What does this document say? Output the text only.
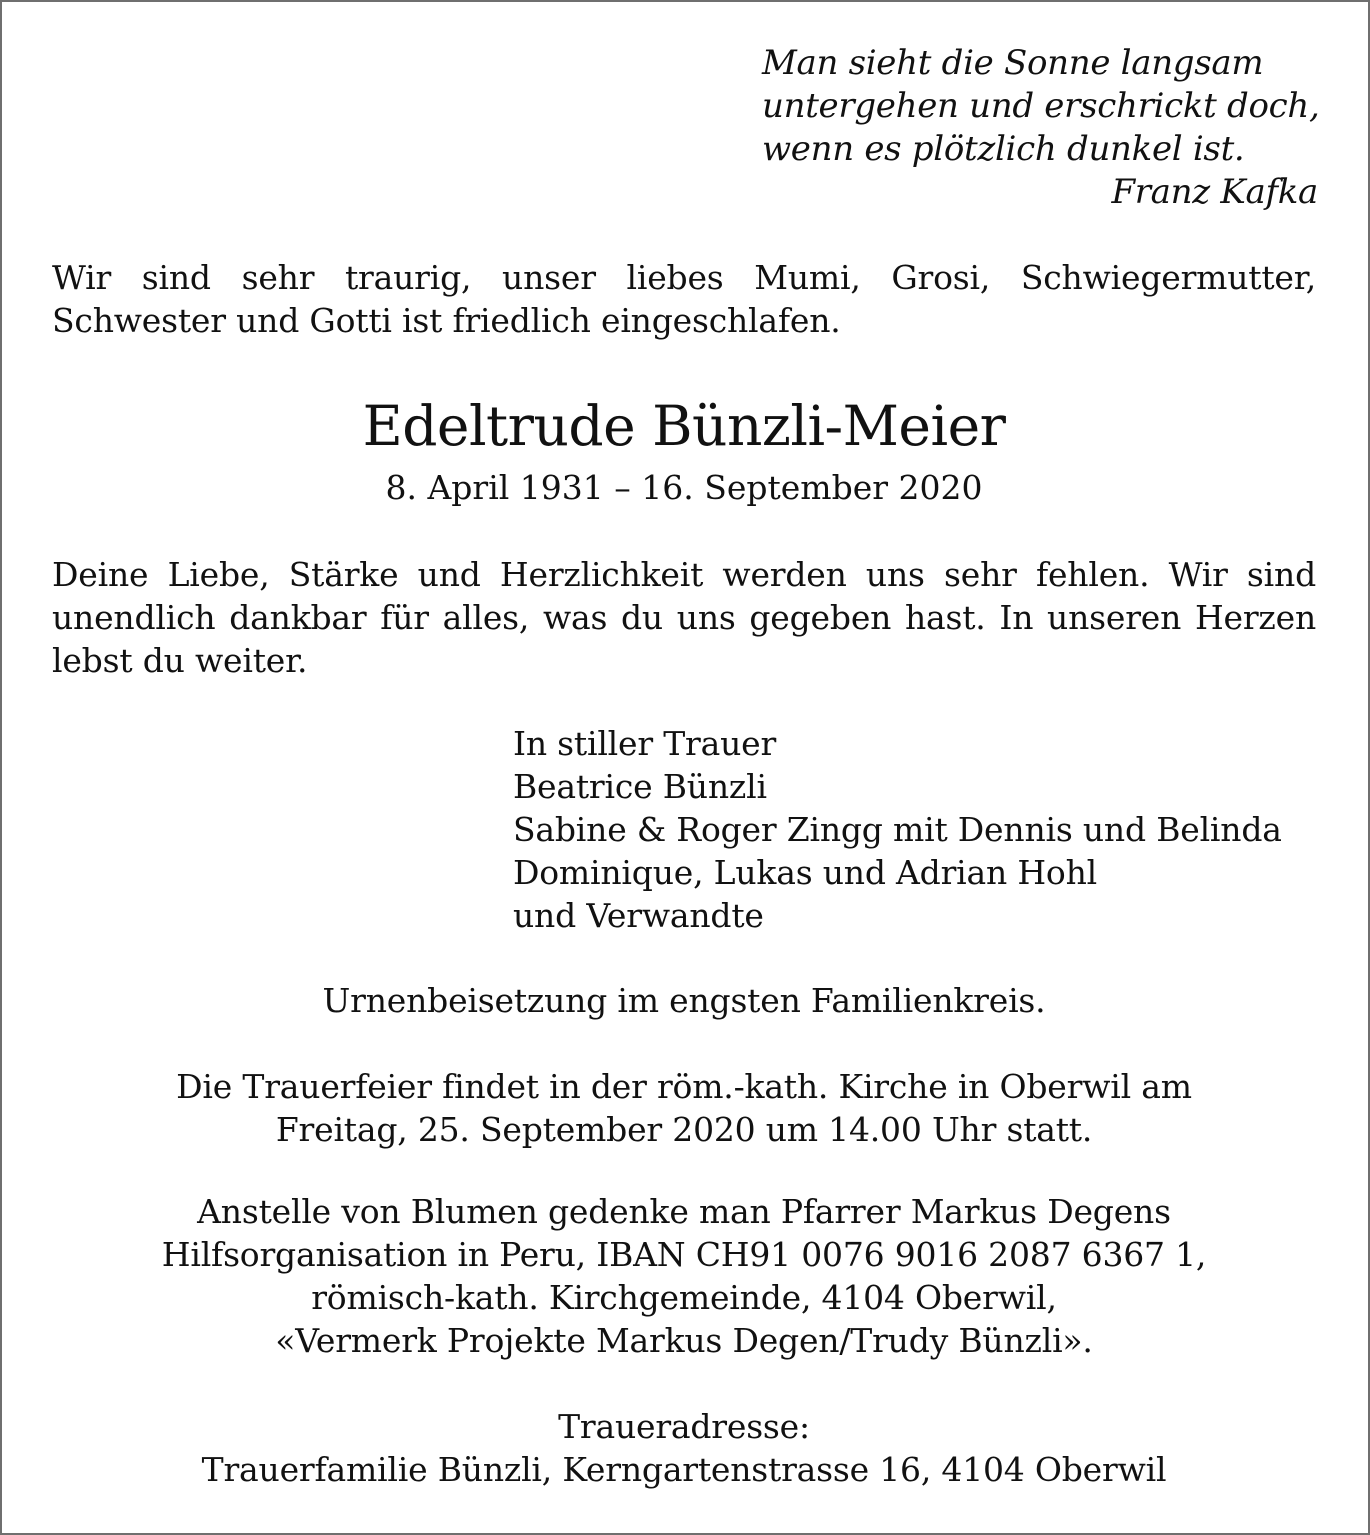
Man sieht die Sonne langsam
untergehen und erschrickt doch,
wenn es plötzlich dunkel ist.
Franz Kafka
Wir sind sehr traurig, unser liebes Mumi, Grosi, Schwiegermutter, Schwester und Gotti ist friedlich eingeschlafen.
Edeltrude Bünzli-Meier
8. April 1931 – 16. September 2020
Deine Liebe, Stärke und Herzlichkeit werden uns sehr fehlen. Wir sind unendlich dankbar für alles, was du uns gegeben hast. In unseren Herzen lebst du weiter.
In stiller Trauer
Beatrice Bünzli
Sabine & Roger Zingg mit Dennis und Belinda
Dominique, Lukas und Adrian Hohl
und Verwandte
Urnenbeisetzung im engsten Familienkreis.
Die Trauerfeier findet in der röm.-kath. Kirche in Oberwil am
Freitag, 25. September 2020 um 14.00 Uhr statt.
Anstelle von Blumen gedenke man Pfarrer Markus Degens
Hilfsorganisation in Peru, IBAN CH91 0076 9016 2087 6367 1,
römisch-kath. Kirchgemeinde, 4104 Oberwil,
«Vermerk Projekte Markus Degen/Trudy Bünzli».
Traueradresse:
Trauerfamilie Bünzli, Kerngartenstrasse 16, 4104 Oberwil
